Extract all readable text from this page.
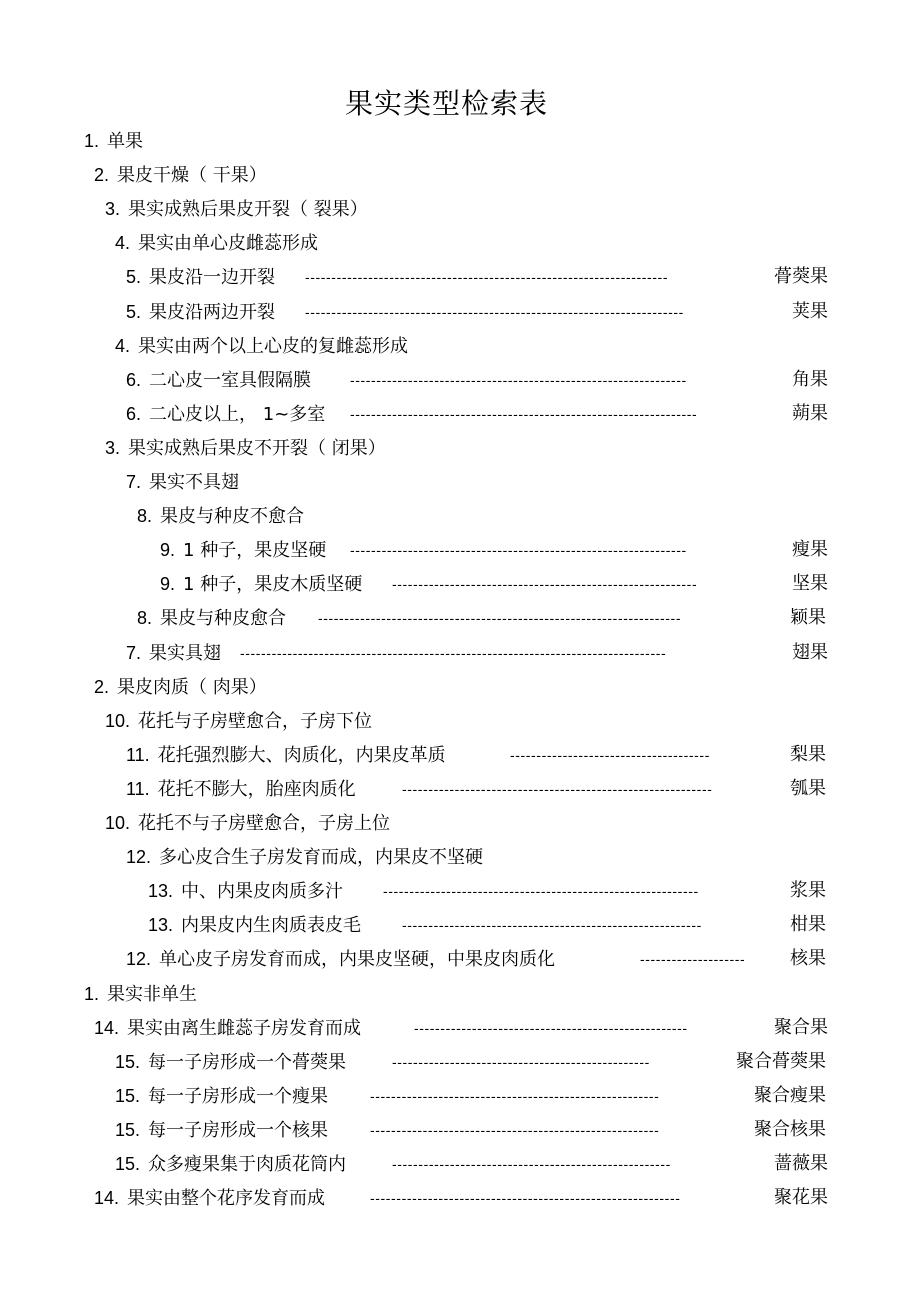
果实类型检索表
1. 单果
2. 果皮干燥（ 干果）
3. 果实成熟后果皮开裂（ 裂果）
4. 果实由单心皮雌蕊形成
5. 果皮沿一边开裂 ---------------------------------------------------------------------	蓇葖果
5. 果皮沿两边开裂 ------------------------------------------------------------------------	荚果
4. 果实由两个以上心皮的复雌蕊形成
6. 二心皮一室具假隔膜	----------------------------------------------------------------	角果
6. 二心皮以上， 1~多室 ------------------------------------------------------------------	蒴果
3. 果实成熟后果皮不开裂（ 闭果）
7. 果实不具翅
8. 果皮与种皮不愈合
9. 1 种子，果皮坚硬 ----------------------------------------------------------------	瘦果
9. 1 种子，果皮木质坚硬 ----------------------------------------------------------	坚果
8. 果皮与种皮愈合 ---------------------------------------------------------------------	颖果
7. 果实具翅 ---------------------------------------------------------------------------------	翅果
2. 果皮肉质（ 肉果）
10. 花托与子房壁愈合，子房下位
11. 花托强烈膨大、肉质化，内果皮革质	--------------------------------------	梨果
11. 花托不膨大，胎座肉质化	-----------------------------------------------------------	瓠果
10. 花托不与子房壁愈合，子房上位
12. 多心皮合生子房发育而成，内果皮不坚硬
13. 中、内果皮肉质多汁	------------------------------------------------------------	浆果
13. 内果皮内生肉质表皮毛	---------------------------------------------------------	柑果
12. 单心皮子房发育而成，内果皮坚硬，中果皮肉质化	--------------------	核果
1. 果实非单生
14. 果实由离生雌蕊子房发育而成	----------------------------------------------------	聚合果
15. 每一子房形成一个蓇葖果	-------------------------------------------------	聚合蓇葖果
15. 每一子房形成一个瘦果	-------------------------------------------------------	聚合瘦果
15. 每一子房形成一个核果	-------------------------------------------------------	聚合核果
15. 众多瘦果集于肉质花筒内	-----------------------------------------------------	蔷薇果
14. 果实由整个花序发育而成	-----------------------------------------------------------	聚花果
